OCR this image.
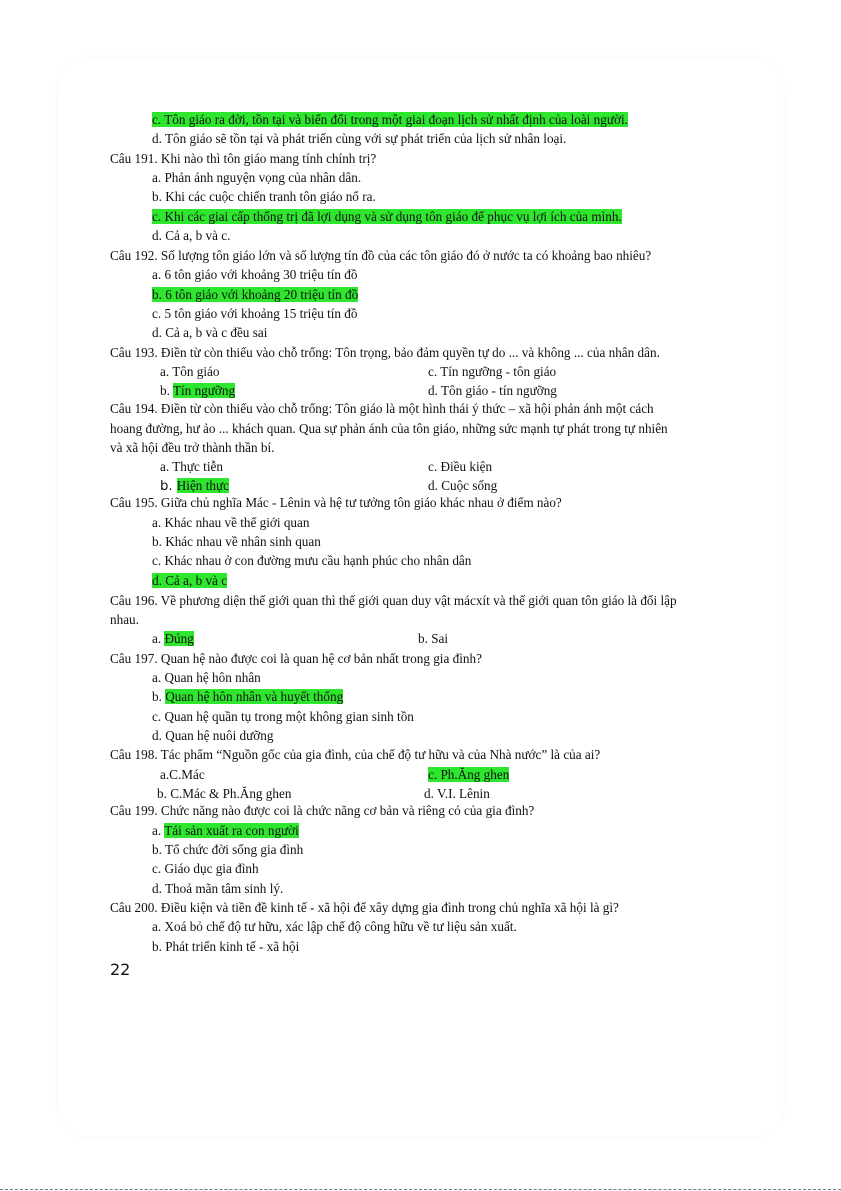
c. Tôn giáo ra đời, tồn tại và biến đổi trong một giai đoạn lịch sử nhất định của loài người.
d. Tôn giáo sẽ tồn tại và phát triển cùng với sự phát triển của lịch sử nhân loại.
Câu 191. Khi nào thì tôn giáo mang tính chính trị?
a. Phản ánh nguyện vọng của nhân dân.
b. Khi các cuộc chiến tranh tôn giáo nổ ra.
c. Khi các giai cấp thống trị đã lợi dụng và sử dụng tôn giáo để phục vụ lợi ích của mình.
d. Cả a, b và c.
Câu 192. Số lượng tôn giáo lớn và số lượng tín đồ của các tôn giáo đó ở nước ta có khoảng bao nhiêu?
a. 6 tôn giáo với khoảng 30 triệu tín đồ
b. 6 tôn giáo với khoảng 20 triệu tín đồ
c. 5 tôn giáo với khoảng 15 triệu tín đồ
d. Cả a, b và c đều sai
Câu 193. Điền từ còn thiếu vào chỗ trống: Tôn trọng, bảo đảm quyền tự do ... và không ... của nhân dân.
a. Tôn giáo	c. Tín ngưỡng - tôn giáo
b. Tín ngưỡng	d. Tôn giáo - tín ngưỡng
Câu 194. Điền từ còn thiếu vào chỗ trống: Tôn giáo là một hình thái ý thức – xã hội phản ánh một cách
hoang đường, hư ảo ... khách quan. Qua sự phản ánh của tôn giáo, những sức mạnh tự phát trong tự nhiên
và xã hội đều trở thành thần bí.
a. Thực tiễn	c. Điều kiện
b. Hiện thực	d. Cuộc sống
Câu 195. Giữa chủ nghĩa Mác - Lênin và hệ tư tưởng tôn giáo khác nhau ở điểm nào?
a. Khác nhau về thế giới quan
b. Khác nhau về nhân sinh quan
c. Khác nhau ở con đường mưu cầu hạnh phúc cho nhân dân
d. Cả a, b và c
Câu 196. Về phương diện thế giới quan thì thế giới quan duy vật mácxít và thế giới quan tôn giáo là đối lập
nhau.
a. Đúng	b. Sai
Câu 197. Quan hệ nào được coi là quan hệ cơ bản nhất trong gia đình?
a. Quan hệ hôn nhân
b. Quan hệ hôn nhân và huyết thống
c. Quan hệ quần tụ trong một không gian sinh tồn
d. Quan hệ nuôi dưỡng
Câu 198. Tác phẩm “Nguồn gốc của gia đình, của chế độ tư hữu và của Nhà nước” là của ai?
a.C.Mác	c. Ph.Ăng ghen
b. C.Mác & Ph.Ăng ghen	d. V.I. Lênin
Câu 199. Chức năng nào được coi là chức năng cơ bản và riêng có của gia đình?
a. Tái sản xuất ra con người
b. Tổ chức đời sống gia đình
c. Giáo dục gia đình
d. Thoả mãn tâm sinh lý.
Câu 200. Điều kiện và tiền đề kinh tế - xã hội để xây dựng gia đình trong chủ nghĩa xã hội là gì?
a. Xoá bỏ chế độ tư hữu, xác lập chế độ công hữu về tư liệu sản xuất.
b. Phát triển kinh tế - xã hội
22
